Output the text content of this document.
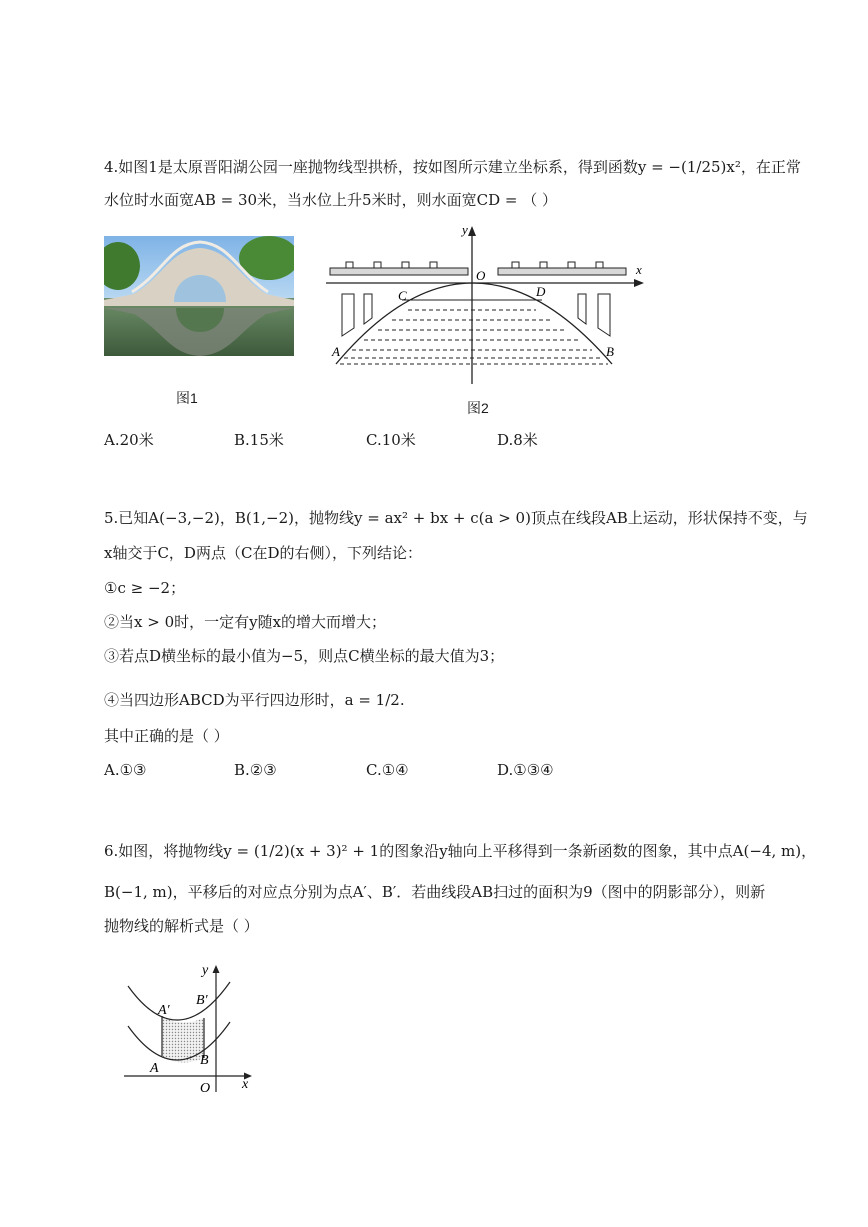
4.如图1是太原晋阳湖公园一座抛物线型拱桥，按如图所示建立坐标系，得到函数y = −(1/25)x²，在正常
水位时水面宽AB = 30米，当水位上升5米时，则水面宽CD = （ ）
图1
O	x
y
C	D
A	B
图2
A.20米	B.15米	C.10米	D.8米
5.已知A(−3,−2)，B(1,−2)，抛物线y = ax² + bx + c(a > 0)顶点在线段AB上运动，形状保持不变，与
x轴交于C，D两点（C在D的右侧），下列结论：
①c ≥ −2；
②当x > 0时，一定有y随x的增大而增大；
③若点D横坐标的最小值为−5，则点C横坐标的最大值为3；
④当四边形ABCD为平行四边形时，a = 1/2.
其中正确的是（ ）
A.①③	B.②③	C.①④	D.①③④
6.如图，将抛物线y = (1/2)(x + 3)² + 1的图象沿y轴向上平移得到一条新函数的图象，其中点A(−4, m)，
B(−1, m)，平移后的对应点分别为点A′、B′．若曲线段AB扫过的面积为9（图中的阴影部分），则新
抛物线的解析式是（ ）
y
x
O
A
B
A′
B′
